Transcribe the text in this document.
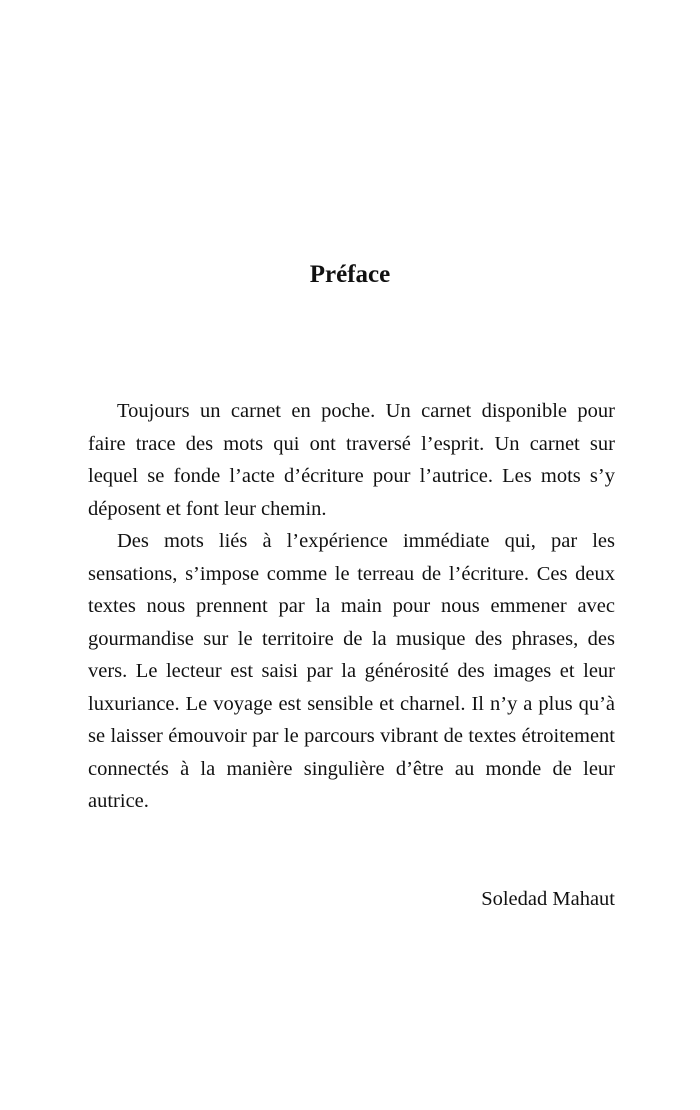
Préface

Toujours un carnet en poche. Un carnet disponible pour faire trace des mots qui ont traversé l’esprit. Un carnet sur lequel se fonde l’acte d’écriture pour l’autrice. Les mots s’y déposent et font leur chemin.

Des mots liés à l’expérience immédiate qui, par les sensations, s’impose comme le terreau de l’écriture. Ces deux textes nous prennent par la main pour nous emmener avec gourmandise sur le territoire de la musique des phrases, des vers. Le lecteur est saisi par la générosité des images et leur luxuriance. Le voyage est sensible et charnel. Il n’y a plus qu’à se laisser émouvoir par le parcours vibrant de textes étroitement connectés à la manière singulière d’être au monde de leur autrice.

Soledad Mahaut
